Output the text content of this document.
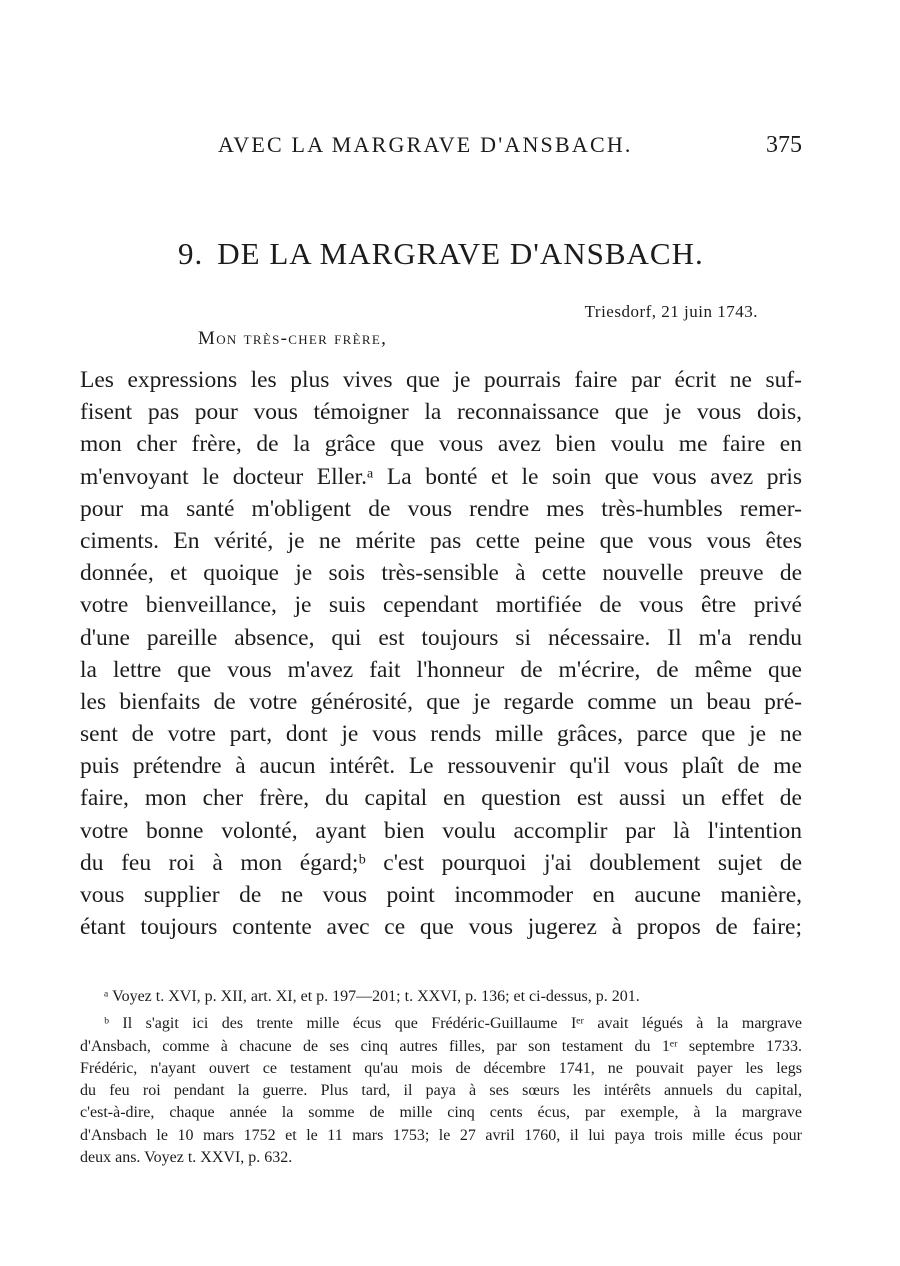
AVEC LA MARGRAVE D'ANSBACH.	375
9. DE LA MARGRAVE D'ANSBACH.
Triesdorf, 21 juin 1743.
Mon très-cher frère,
Les expressions les plus vives que je pourrais faire par écrit ne suf-
fisent pas pour vous témoigner la reconnaissance que je vous dois,
mon cher frère, de la grâce que vous avez bien voulu me faire en
m'envoyant le docteur Eller.ᵃ La bonté et le soin que vous avez pris
pour ma santé m'obligent de vous rendre mes très-humbles remer-
ciments. En vérité, je ne mérite pas cette peine que vous vous êtes
donnée, et quoique je sois très-sensible à cette nouvelle preuve de
votre bienveillance, je suis cependant mortifiée de vous être privé
d'une pareille absence, qui est toujours si nécessaire. Il m'a rendu
la lettre que vous m'avez fait l'honneur de m'écrire, de même que
les bienfaits de votre générosité, que je regarde comme un beau pré-
sent de votre part, dont je vous rends mille grâces, parce que je ne
puis prétendre à aucun intérêt. Le ressouvenir qu'il vous plaît de me
faire, mon cher frère, du capital en question est aussi un effet de
votre bonne volonté, ayant bien voulu accomplir par là l'intention
du feu roi à mon égard;ᵇ c'est pourquoi j'ai doublement sujet de
vous supplier de ne vous point incommoder en aucune manière,
étant toujours contente avec ce que vous jugerez à propos de faire;
ᵃ Voyez t. XVI, p. XII, art. XI, et p. 197—201; t. XXVI, p. 136; et ci-dessus, p. 201.
ᵇ Il s'agit ici des trente mille écus que Frédéric-Guillaume Iᵉʳ avait légués à la margrave
d'Ansbach, comme à chacune de ses cinq autres filles, par son testament du 1ᵉʳ septembre 1733.
Frédéric, n'ayant ouvert ce testament qu'au mois de décembre 1741, ne pouvait payer les legs
du feu roi pendant la guerre. Plus tard, il paya à ses sœurs les intérêts annuels du capital,
c'est-à-dire, chaque année la somme de mille cinq cents écus, par exemple, à la margrave
d'Ansbach le 10 mars 1752 et le 11 mars 1753; le 27 avril 1760, il lui paya trois mille écus pour
deux ans. Voyez t. XXVI, p. 632.
